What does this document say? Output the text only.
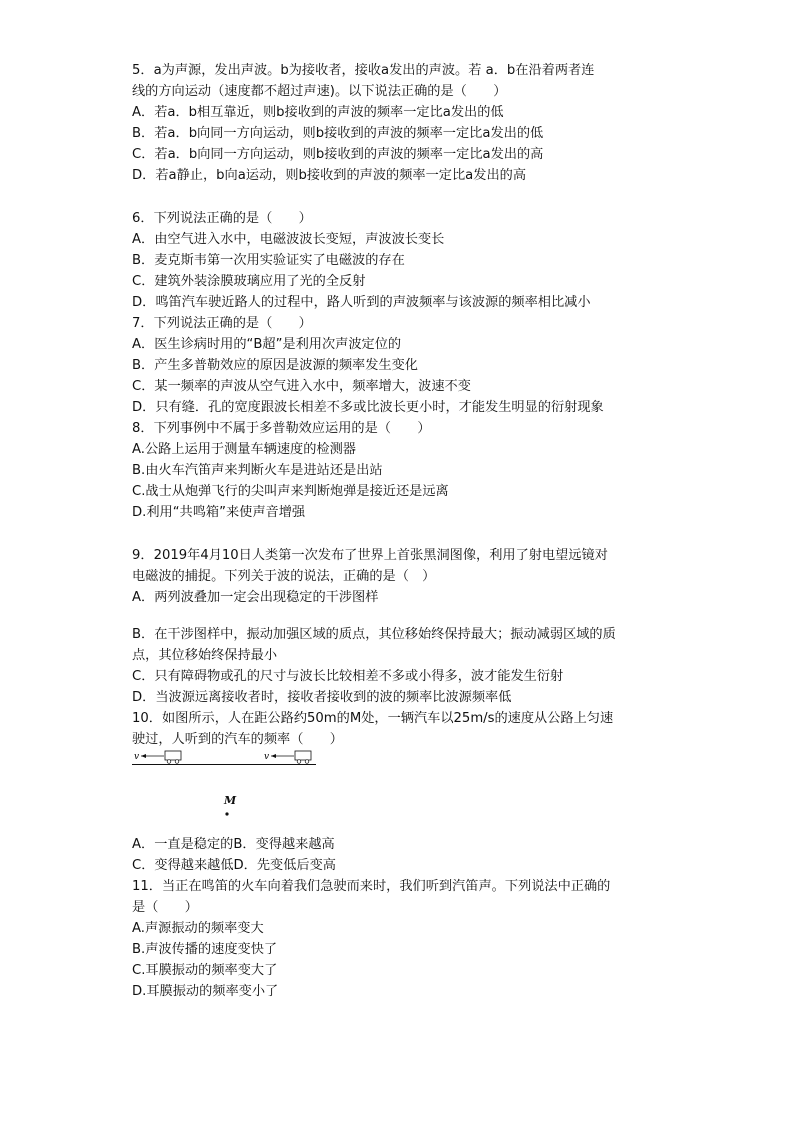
5．a为声源，发出声波。b为接收者，接收a发出的声波。若 a．b在沿着两者连
线的方向运动（速度都不超过声速)。以下说法正确的是（　　）
A．若a．b相互靠近，则b接收到的声波的频率一定比a发出的低
B．若a．b向同一方向运动，则b接收到的声波的频率一定比a发出的低
C．若a．b向同一方向运动，则b接收到的声波的频率一定比a发出的高
D．若a静止，b向a运动，则b接收到的声波的频率一定比a发出的高
6．下列说法正确的是（　　）
A．由空气进入水中，电磁波波长变短，声波波长变长
B．麦克斯韦第一次用实验证实了电磁波的存在
C．建筑外装涂膜玻璃应用了光的全反射
D．鸣笛汽车驶近路人的过程中，路人听到的声波频率与该波源的频率相比减小
7．下列说法正确的是（　　）
A．医生诊病时用的“B超”是利用次声波定位的
B．产生多普勒效应的原因是波源的频率发生变化
C．某一频率的声波从空气进入水中，频率增大，波速不变
D．只有缝．孔的宽度跟波长相差不多或比波长更小时，才能发生明显的衍射现象
8．下列事例中不属于多普勒效应运用的是（　　）
A.公路上运用于测量车辆速度的检测器
B.由火车汽笛声来判断火车是进站还是出站
C.战士从炮弹飞行的尖叫声来判断炮弹是接近还是远离
D.利用“共鸣箱”来使声音增强
9．2019年4月10日人类第一次发布了世界上首张黑洞图像，利用了射电望远镜对
电磁波的捕捉。下列关于波的说法，正确的是（　）
A．两列波叠加一定会出现稳定的干涉图样
B．在干涉图样中，振动加强区域的质点，其位移始终保持最大；振动减弱区域的质
点，其位移始终保持最小
C．只有障碍物或孔的尺寸与波长比较相差不多或小得多，波才能发生衍射
D．当波源远离接收者时，接收者接收到的波的频率比波源频率低
10．如图所示，人在距公路约50m的M处，一辆汽车以25m/s的速度从公路上匀速
驶过，人听到的汽车的频率（　　）
v	v
M
A．一直是稳定的B．变得越来越高
C．变得越来越低D．先变低后变高
11．当正在鸣笛的火车向着我们急驶而来时，我们听到汽笛声。下列说法中正确的
是（　　）
A.声源振动的频率变大
B.声波传播的速度变快了
C.耳膜振动的频率变大了
D.耳膜振动的频率变小了
